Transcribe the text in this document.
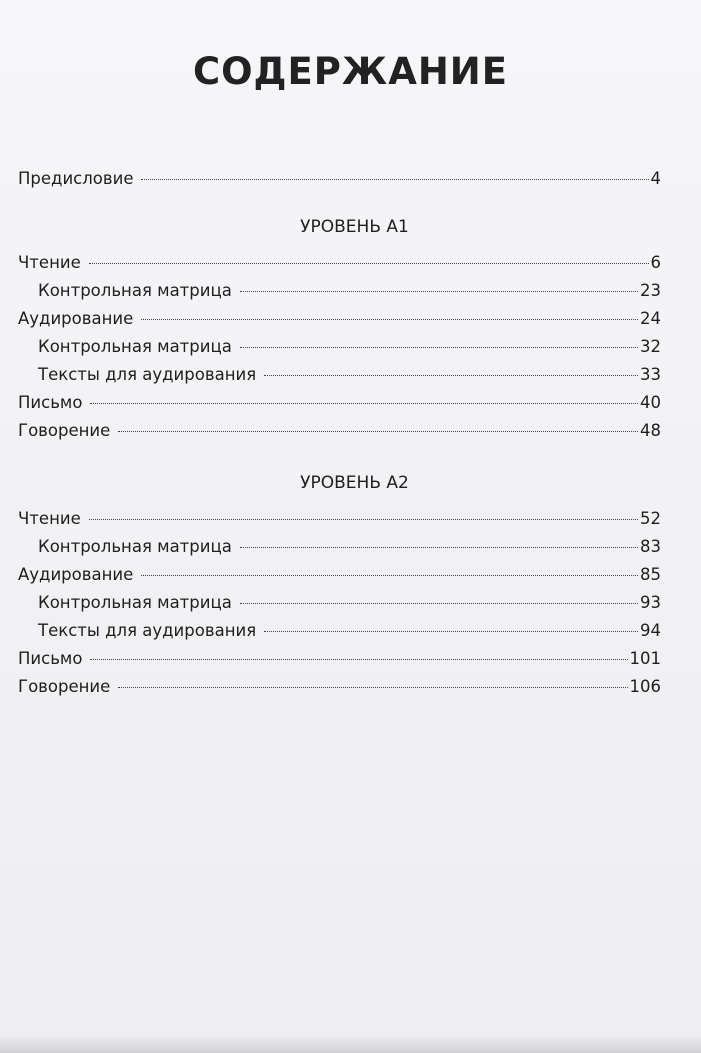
СОДЕРЖАНИЕ
Предисловие	4
УРОВЕНЬ А1
Чтение	6
Контрольная матрица	23
Аудирование	24
Контрольная матрица	32
Тексты для аудирования	33
Письмо	40
Говорение	48
УРОВЕНЬ А2
Чтение	52
Контрольная матрица	83
Аудирование	85
Контрольная матрица	93
Тексты для аудирования	94
Письмо	101
Говорение	106
